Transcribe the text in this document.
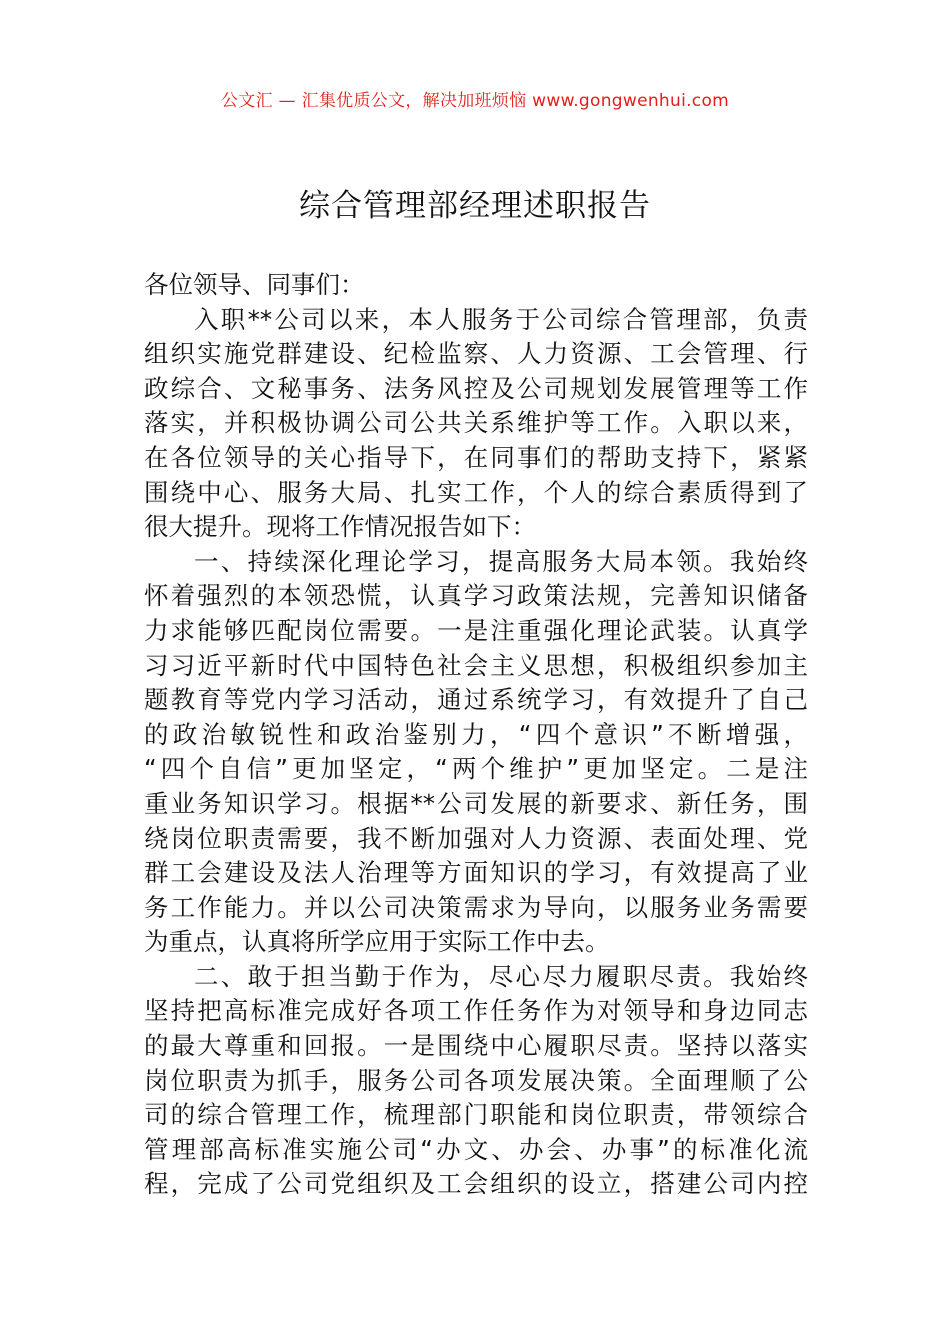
公文汇 — 汇集优质公文，解决加班烦恼 www.gongwenhui.com
综合管理部经理述职报告
各位领导、同事们：
入职**公司以来，本人服务于公司综合管理部，负责
组织实施党群建设、纪检监察、人力资源、工会管理、行
政综合、文秘事务、法务风控及公司规划发展管理等工作
落实，并积极协调公司公共关系维护等工作。入职以来，
在各位领导的关心指导下，在同事们的帮助支持下，紧紧
围绕中心、服务大局、扎实工作，个人的综合素质得到了
很大提升。现将工作情况报告如下：
一、持续深化理论学习，提高服务大局本领。我始终
怀着强烈的本领恐慌，认真学习政策法规，完善知识储备
力求能够匹配岗位需要。一是注重强化理论武装。认真学
习习近平新时代中国特色社会主义思想，积极组织参加主
题教育等党内学习活动，通过系统学习，有效提升了自己
的政治敏锐性和政治鉴别力，“四个意识”不断增强，
“四个自信”更加坚定，“两个维护”更加坚定。二是注
重业务知识学习。根据**公司发展的新要求、新任务，围
绕岗位职责需要，我不断加强对人力资源、表面处理、党
群工会建设及法人治理等方面知识的学习，有效提高了业
务工作能力。并以公司决策需求为导向，以服务业务需要
为重点，认真将所学应用于实际工作中去。
二、敢于担当勤于作为，尽心尽力履职尽责。我始终
坚持把高标准完成好各项工作任务作为对领导和身边同志
的最大尊重和回报。一是围绕中心履职尽责。坚持以落实
岗位职责为抓手，服务公司各项发展决策。全面理顺了公
司的综合管理工作，梳理部门职能和岗位职责，带领综合
管理部高标准实施公司“办文、办会、办事”的标准化流
程，完成了公司党组织及工会组织的设立，搭建公司内控
